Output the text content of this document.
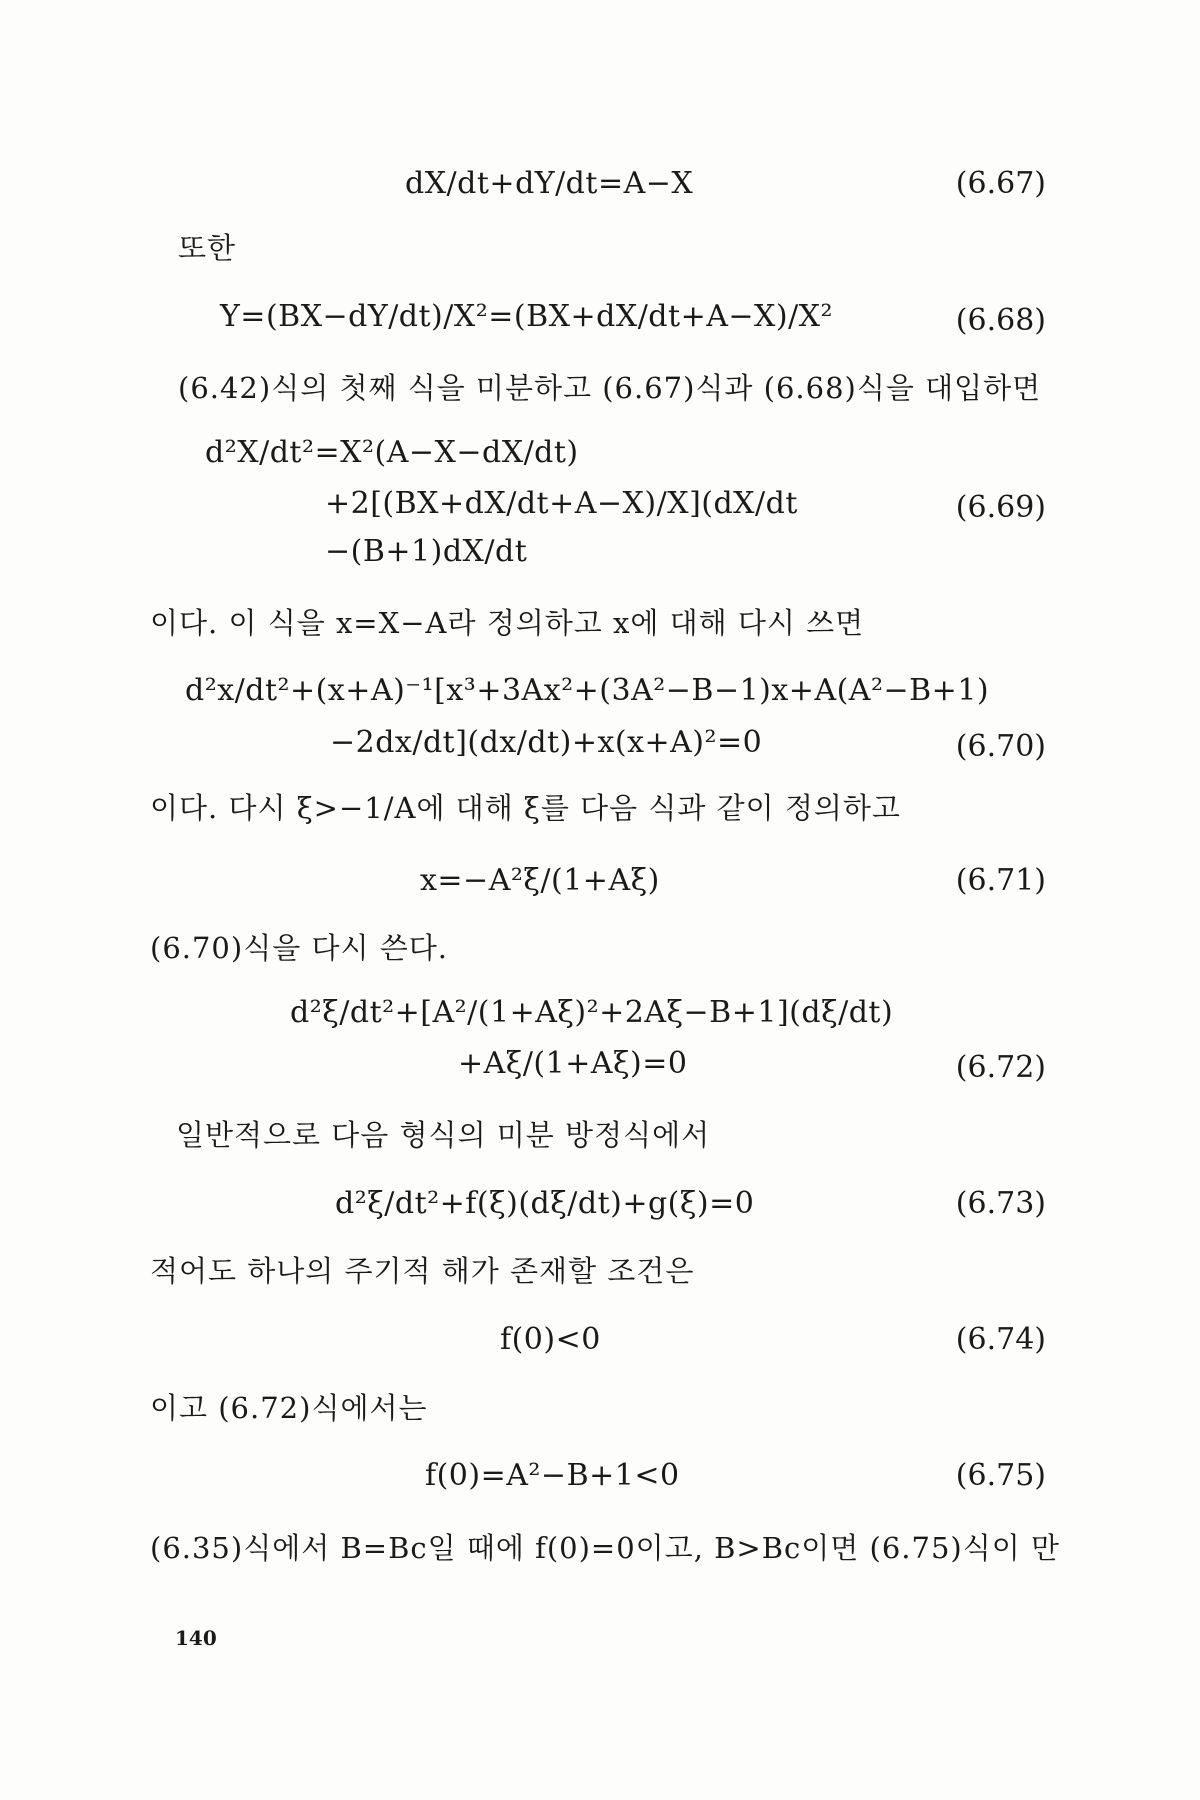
dX/dt+dY/dt=A−X	(6.67)
또한
Y=(BX−dY/dt)/X²=(BX+dX/dt+A−X)/X²	(6.68)
(6.42)식의 첫째 식을 미분하고 (6.67)식과 (6.68)식을 대입하면
d²X/dt²=X²(A−X−dX/dt)
+2[(BX+dX/dt+A−X)/X](dX/dt	(6.69)
−(B+1)dX/dt
이다. 이 식을 x=X−A라 정의하고 x에 대해 다시 쓰면
d²x/dt²+(x+A)⁻¹[x³+3Ax²+(3A²−B−1)x+A(A²−B+1)
−2dx/dt](dx/dt)+x(x+A)²=0	(6.70)
이다. 다시 ξ>−1/A에 대해 ξ를 다음 식과 같이 정의하고
x=−A²ξ/(1+Aξ)	(6.71)
(6.70)식을 다시 쓴다.
d²ξ/dt²+[A²/(1+Aξ)²+2Aξ−B+1](dξ/dt)
+Aξ/(1+Aξ)=0	(6.72)
일반적으로 다음 형식의 미분 방정식에서
d²ξ/dt²+f(ξ)(dξ/dt)+g(ξ)=0	(6.73)
적어도 하나의 주기적 해가 존재할 조건은
f(0)<0	(6.74)
이고 (6.72)식에서는
f(0)=A²−B+1<0	(6.75)
(6.35)식에서 B=Bc일 때에 f(0)=0이고, B>Bc이면 (6.75)식이 만
140
